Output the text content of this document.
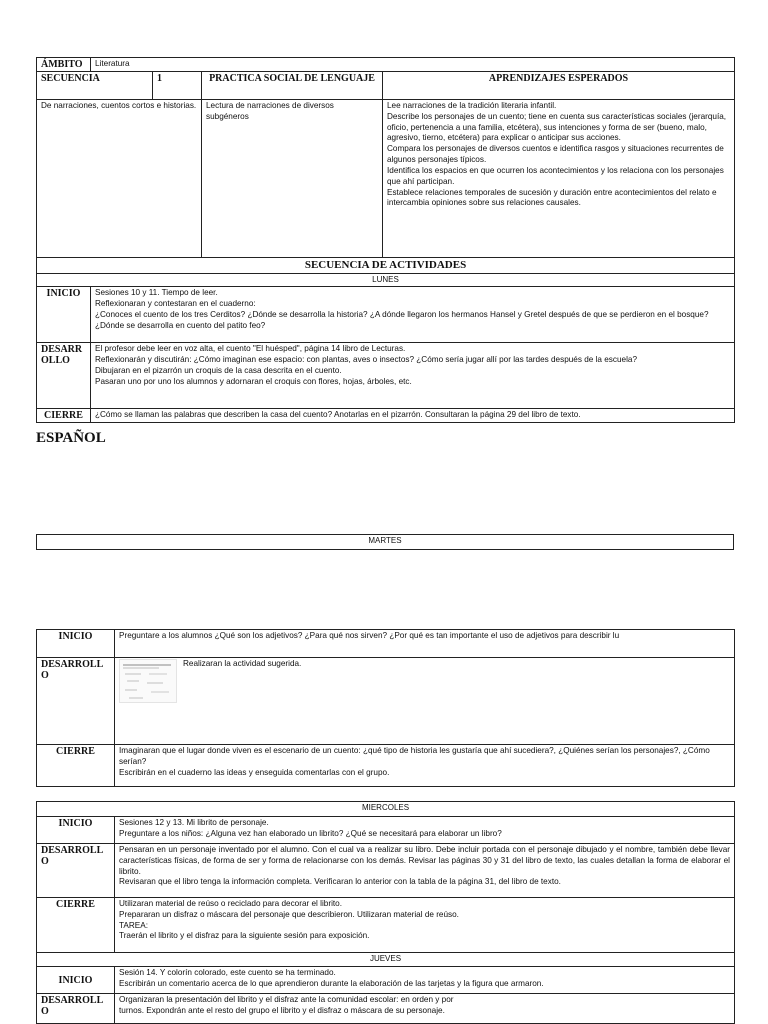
ÁMBITO	Literatura			
SECUENCIA		1	PRACTICA SOCIAL DE LENGUAJE	APRENDIZAJES ESPERADOS
De narraciones, cuentos cortos e historias.			Lectura de narraciones de diversos subgéneros	Lee narraciones de la tradición literaria infantil.

Describe los personajes de un cuento; tiene en cuenta sus características sociales (jerarquía, oficio, pertenencia a una familia, etcétera), sus intenciones y forma de ser (bueno, malo, agresivo, tierno, etcétera) para explicar o anticipar sus acciones.

Compara los personajes de diversos cuentos e identifica rasgos y situaciones recurrentes de algunos personajes típicos.

Identifica los espacios en que ocurren los acontecimientos y los relaciona con los personajes que ahí participan.

Establece relaciones temporales de sucesión y duración entre acontecimientos del relato e intercambia opiniones sobre sus relaciones causales.

SECUENCIA DE ACTIVIDADES				
LUNES				
INICIO	Sesiones 10 y 11. Tiempo de leer.

Reflexionaran y contestaran en el cuaderno:

¿Conoces el cuento de los tres Cerditos? ¿Dónde se desarrolla la historia? ¿A dónde llegaron los hermanos Hansel y Gretel después de que se perdieron en el bosque? ¿Dónde se desarrolla en cuento del patito feo?			

DESARROLLO	El profesor debe leer en voz alta, el cuento "El huésped", página 14 libro de Lecturas.

Reflexionarán y discutirán: ¿Cómo imaginan ese espacio: con plantas, aves o insectos? ¿Cómo sería jugar allí por las tardes después de la escuela?

Dibujaran en el pizarrón un croquis de la casa descrita en el cuento.

Pasaran uno por uno los alumnos y adornaran el croquis con flores, hojas, árboles, etc.			

CIERRE	¿Cómo se llaman las palabras que describen la casa del cuento? Anotarlas en el pizarrón. Consultaran la página 29 del libro de texto.			
ESPAÑOL
MARTES
INICIO	Preguntare a los alumnos ¿Qué son los adjetivos? ¿Para qué nos sirven? ¿Por qué es tan importante el uso de adjetivos para describir lu
DESARROLLO	Realizaran la actividad sugerida.

CIERRE	Imaginaran que el lugar donde viven es el escenario de un cuento: ¿qué tipo de historia les gustaría que ahí sucediera?, ¿Quiénes serían los personajes?, ¿Cómo serían?

Escribirán en el cuaderno las ideas y enseguida comentarlas con el grupo.

MIERCOLES	
INICIO	Sesiones 12 y 13. Mi librito de personaje.

Preguntare a los niños: ¿Alguna vez han elaborado un librito? ¿Qué se necesitará para elaborar un libro?

DESARROLLO	Pensaran en un personaje inventado por el alumno. Con el cual va a realizar su libro. Debe incluir portada con el personaje dibujado y el nombre, también debe llevar características físicas, de forma de ser y forma de relacionarse con los demás. Revisar las páginas 30 y 31 del libro de texto, las cuales detallan la forma de elaborar el librito.

Revisaran que el libro tenga la información completa. Verificaran lo anterior con la tabla de la página 31, del libro de texto.

CIERRE	Utilizaran material de reúso o reciclado para decorar el librito.

Prepararan un disfraz o máscara del personaje que describieron. Utilizaran material de reúso.

TAREA:

Traerán el librito y el disfraz para la siguiente sesión para exposición.

JUEVES	
INICIO	Sesión 14. Y colorín colorado, este cuento se ha terminado.

Escribirán un comentario acerca de lo que aprendieron durante la elaboración de las tarjetas y la figura que armaron.

DESARROLLO	Organizaran la presentación del librito y el disfraz ante la comunidad escolar: en orden y por

turnos. Expondrán ante el resto del grupo el librito y el disfraz o máscara de su personaje.
